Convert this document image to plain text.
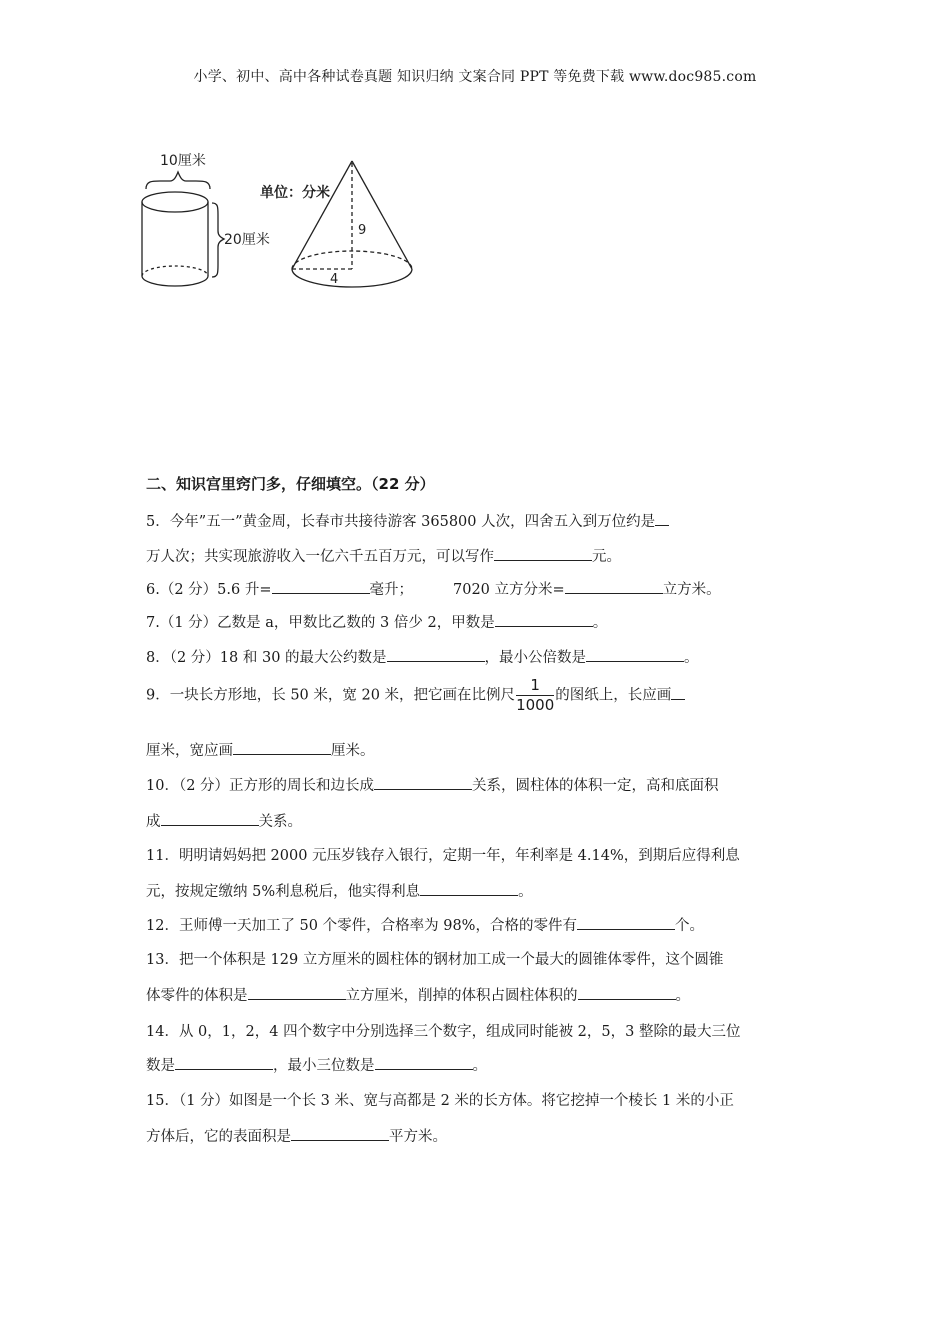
小学、初中、高中各种试卷真题 知识归纳 文案合同 PPT 等免费下载 www.doc985.com
10厘米
20厘米
单位：分米
9
4
二、知识宫里窍门多，仔细填空。（22 分）
5．今年”五一”黄金周，长春市共接待游客 365800 人次，四舍五入到万位约是
万人次；共实现旅游收入一亿六千五百万元，可以写作	元。
6.（2 分）5.6 升=	毫升；	7020 立方分米=	立方米。
7.（1 分）乙数是 a，甲数比乙数的 3 倍少 2，甲数是	。
8．（2 分）18 和 30 的最大公约数是	，最小公倍数是	。
9．一块长方形地，长 50 米，宽 20 米，把它画在比例尺 $\frac{1}{1000}$ 的图纸上，长应画
厘米，宽应画	厘米。
10．（2 分）正方形的周长和边长成	关系，圆柱体的体积一定，高和底面积
成	关系。
11．明明请妈妈把 2000 元压岁钱存入银行，定期一年，年利率是 4.14%，到期后应得利息
元，按规定缴纳 5%利息税后，他实得利息	。
12．王师傅一天加工了 50 个零件，合格率为 98%，合格的零件有	个。
13．把一个体积是 129 立方厘米的圆柱体的钢材加工成一个最大的圆锥体零件，这个圆锥
体零件的体积是	立方厘米，削掉的体积占圆柱体积的	。
14．从 0，1，2，4 四个数字中分别选择三个数字，组成同时能被 2，5，3 整除的最大三位
数是	，最小三位数是	。
15．（1 分）如图是一个长 3 米、宽与高都是 2 米的长方体。将它挖掉一个棱长 1 米的小正
方体后，它的表面积是	平方米。
